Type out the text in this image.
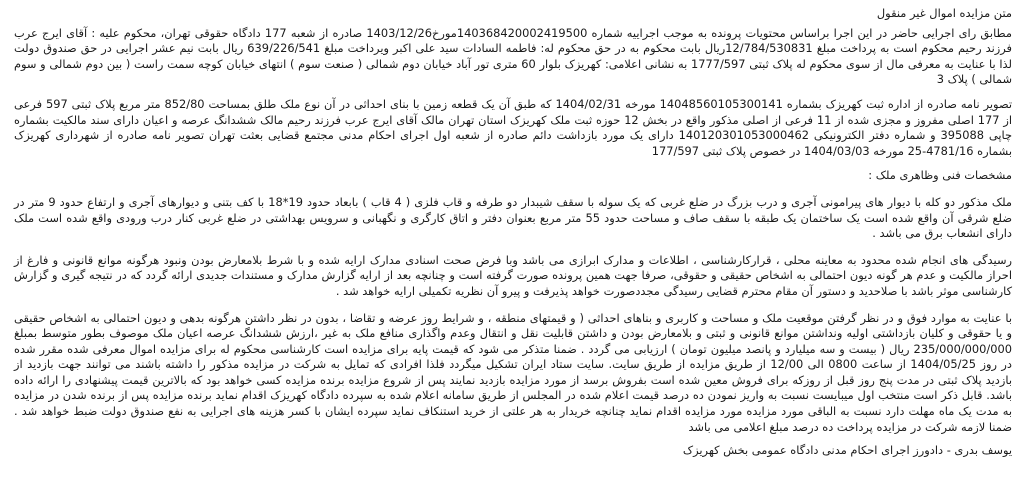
متن مزایده اموال غیر منقول

مطابق رای اجرایی حاضر در این اجرا براساس محتویات پرونده به موجب اجراییه شماره 140368420002419500مورخ1403/12/26 صادره از شعبه 177 دادگاه حقوقی تهران، محکوم علیه : آقای ایرج عرب فرزند رحیم محکوم است به پرداخت مبلغ 12/784/530831ریال بابت محکوم به در حق محکوم له: فاطمه السادات سید علی اکبر ویرداخت مبلغ 639/226/541 ریال بابت نیم عشر اجرایی در حق صندوق دولت لذا با عنایت به معرفی مال از سوی محکوم له پلاک ثبتی 1777/597 به نشانی اعلامی: کهریزک بلوار 60 متری تور آباد خیابان دوم شمالی ( صنعت سوم ) انتهای خیابان کوچه سمت راست ( بین دوم شمالی و سوم شمالی ) پلاک 3

تصویر نامه صادره از اداره ثبت کهریزک بشماره 14048560105300141 مورخه 1404/02/31 که طبق آن یک قطعه زمین با بنای احداثی در آن نوع ملک طلق بمساحت 852/80 متر مربع پلاک ثبتی 597 فرعی از 177 اصلی مفروز و مجزی شده از 11 فرعی از اصلی مذکور واقع در بخش 12 حوزه ثبت ملک کهریزک استان تهران مالک آقای ایرج عرب فرزند رحیم مالک ششدانگ عرصه و اعیان دارای سند مالکیت بشماره چاپی 395088 و شماره دفتر الکترونیکی 140120301053000462 دارای یک مورد بازداشت دائم صادره از شعبه اول اجرای احکام مدنی مجتمع قضایی بعثت تهران تصویر نامه صادره از شهرداری کهریزک بشماره 4781/16-25 مورخه 1404/03/03 در خصوص پلاک ثبتی 177/597

مشخصات فنی وظاهری ملک :

ملک مذکور دو کله با دیوار های پیرامونی آجری و درب بزرگ در ضلع غربی که یک سوله با سقف شیبدار دو طرفه و قاب فلزی ( 4 قاب ) بابعاد حدود 19*18 با کف بتنی و دیوارهای آجری و ارتفاع حدود 9 متر در ضلع شرقی آن واقع شده است یک ساختمان یک طبقه با سقف صاف و مساحت حدود 55 متر مربع بعنوان دفتر و اتاق کارگری و نگهبانی و سرویس بهداشتی در ضلع غربی کنار درب ورودی واقع شده است ملک دارای انشعاب برق می باشد .

رسیدگی های انجام شده محدود به معاینه محلی ، قرارکارشناسی ، اطلاعات و مدارک ابرازی می باشد وبا فرض صحت اسنادی مدارک ارایه شده و با شرط بلامعارض بودن ونبود هرگونه موانع قانونی و فارغ از احراز مالکیت و عدم هر گونه دیون احتمالی به اشخاص حقیقی و حقوقی، صرفا جهت همین پرونده صورت گرفته است و چنانچه بعد از ارایه گزارش مدارک و مستندات جدیدی ارائه گردد که در نتیجه گیری و گزارش کارشناسی موثر باشد با صلاحدید و دستور آن مقام محترم قضایی رسیدگی مجددصورت خواهد پذیرفت و پیرو آن نظریه تکمیلی ارایه خواهد شد .

با عنایت به موارد فوق و در نظر گرفتن موقعیت ملک و مساحت و کاربری و بناهای احداثی ( و قیمتهای منطقه ، و شرایط روز عرضه و تقاضا ، بدون در نظر داشتن هرگونه بدهی و دیون احتمالی به اشخاص حقیقی و یا حقوقی و کلیان بازداشتی اولیه ونداشتن موانع قانونی و ثبتی و بلامعارض بودن و داشتن قابلیت نقل و انتقال وعدم واگذاری منافع ملک به غیر ،ارزش ششدانگ عرصه اعیان ملک موصوف بطور متوسط بمبلغ 235/000/000/000 ریال ( بیست و سه میلیارد و پانصد میلیون تومان ) ارزیابی می گردد . ضمنا متذکر می شود که قیمت پایه برای مزایده است کارشناسی محکوم له برای مزایده اموال معرفی شده مقرر شده در روز 1404/05/25 از ساعت 0800 الی 12/00 از طریق مزایده از طریق سایت. سایت ستاد ایران تشکیل میگردد فلذا افرادی که تمایل به شرکت در مزایده مذکور را داشته باشند می توانند جهت بازدید از بازدید پلاک ثبتی در مدت پنج روز قبل از روزکه برای فروش معین شده است بفروش برسد از مورد مزایده بازدید نمایند پس از شروع مزایده برنده مزایده کسی خواهد بود که بالاترین قیمت پیشنهادی را ارائه داده باشد. قابل ذکر است منتخب اول میبایست نسبت به واریز نمودن ده درصد قیمت اعلام شده در المجلس از طریق سامانه اعلام شده به سپرده دادگاه کهریزک اقدام نماید برنده مزایده پس از برنده شدن در مزایده به مدت یک ماه مهلت دارد نسبت به الباقی مورد مزایده مورد مزایده اقدام نماید چنانچه خریدار به هر علتی از خرید استنکاف نماید سپرده ایشان با کسر هزینه های اجرایی به نفع صندوق دولت ضبط خواهد شد . ضمنا لازمه شرکت در مزایده پرداخت ده درصد مبلغ اعلامی می باشد

یوسف بدری - دادورز اجرای احکام مدنی دادگاه عمومی بخش کهریزک
